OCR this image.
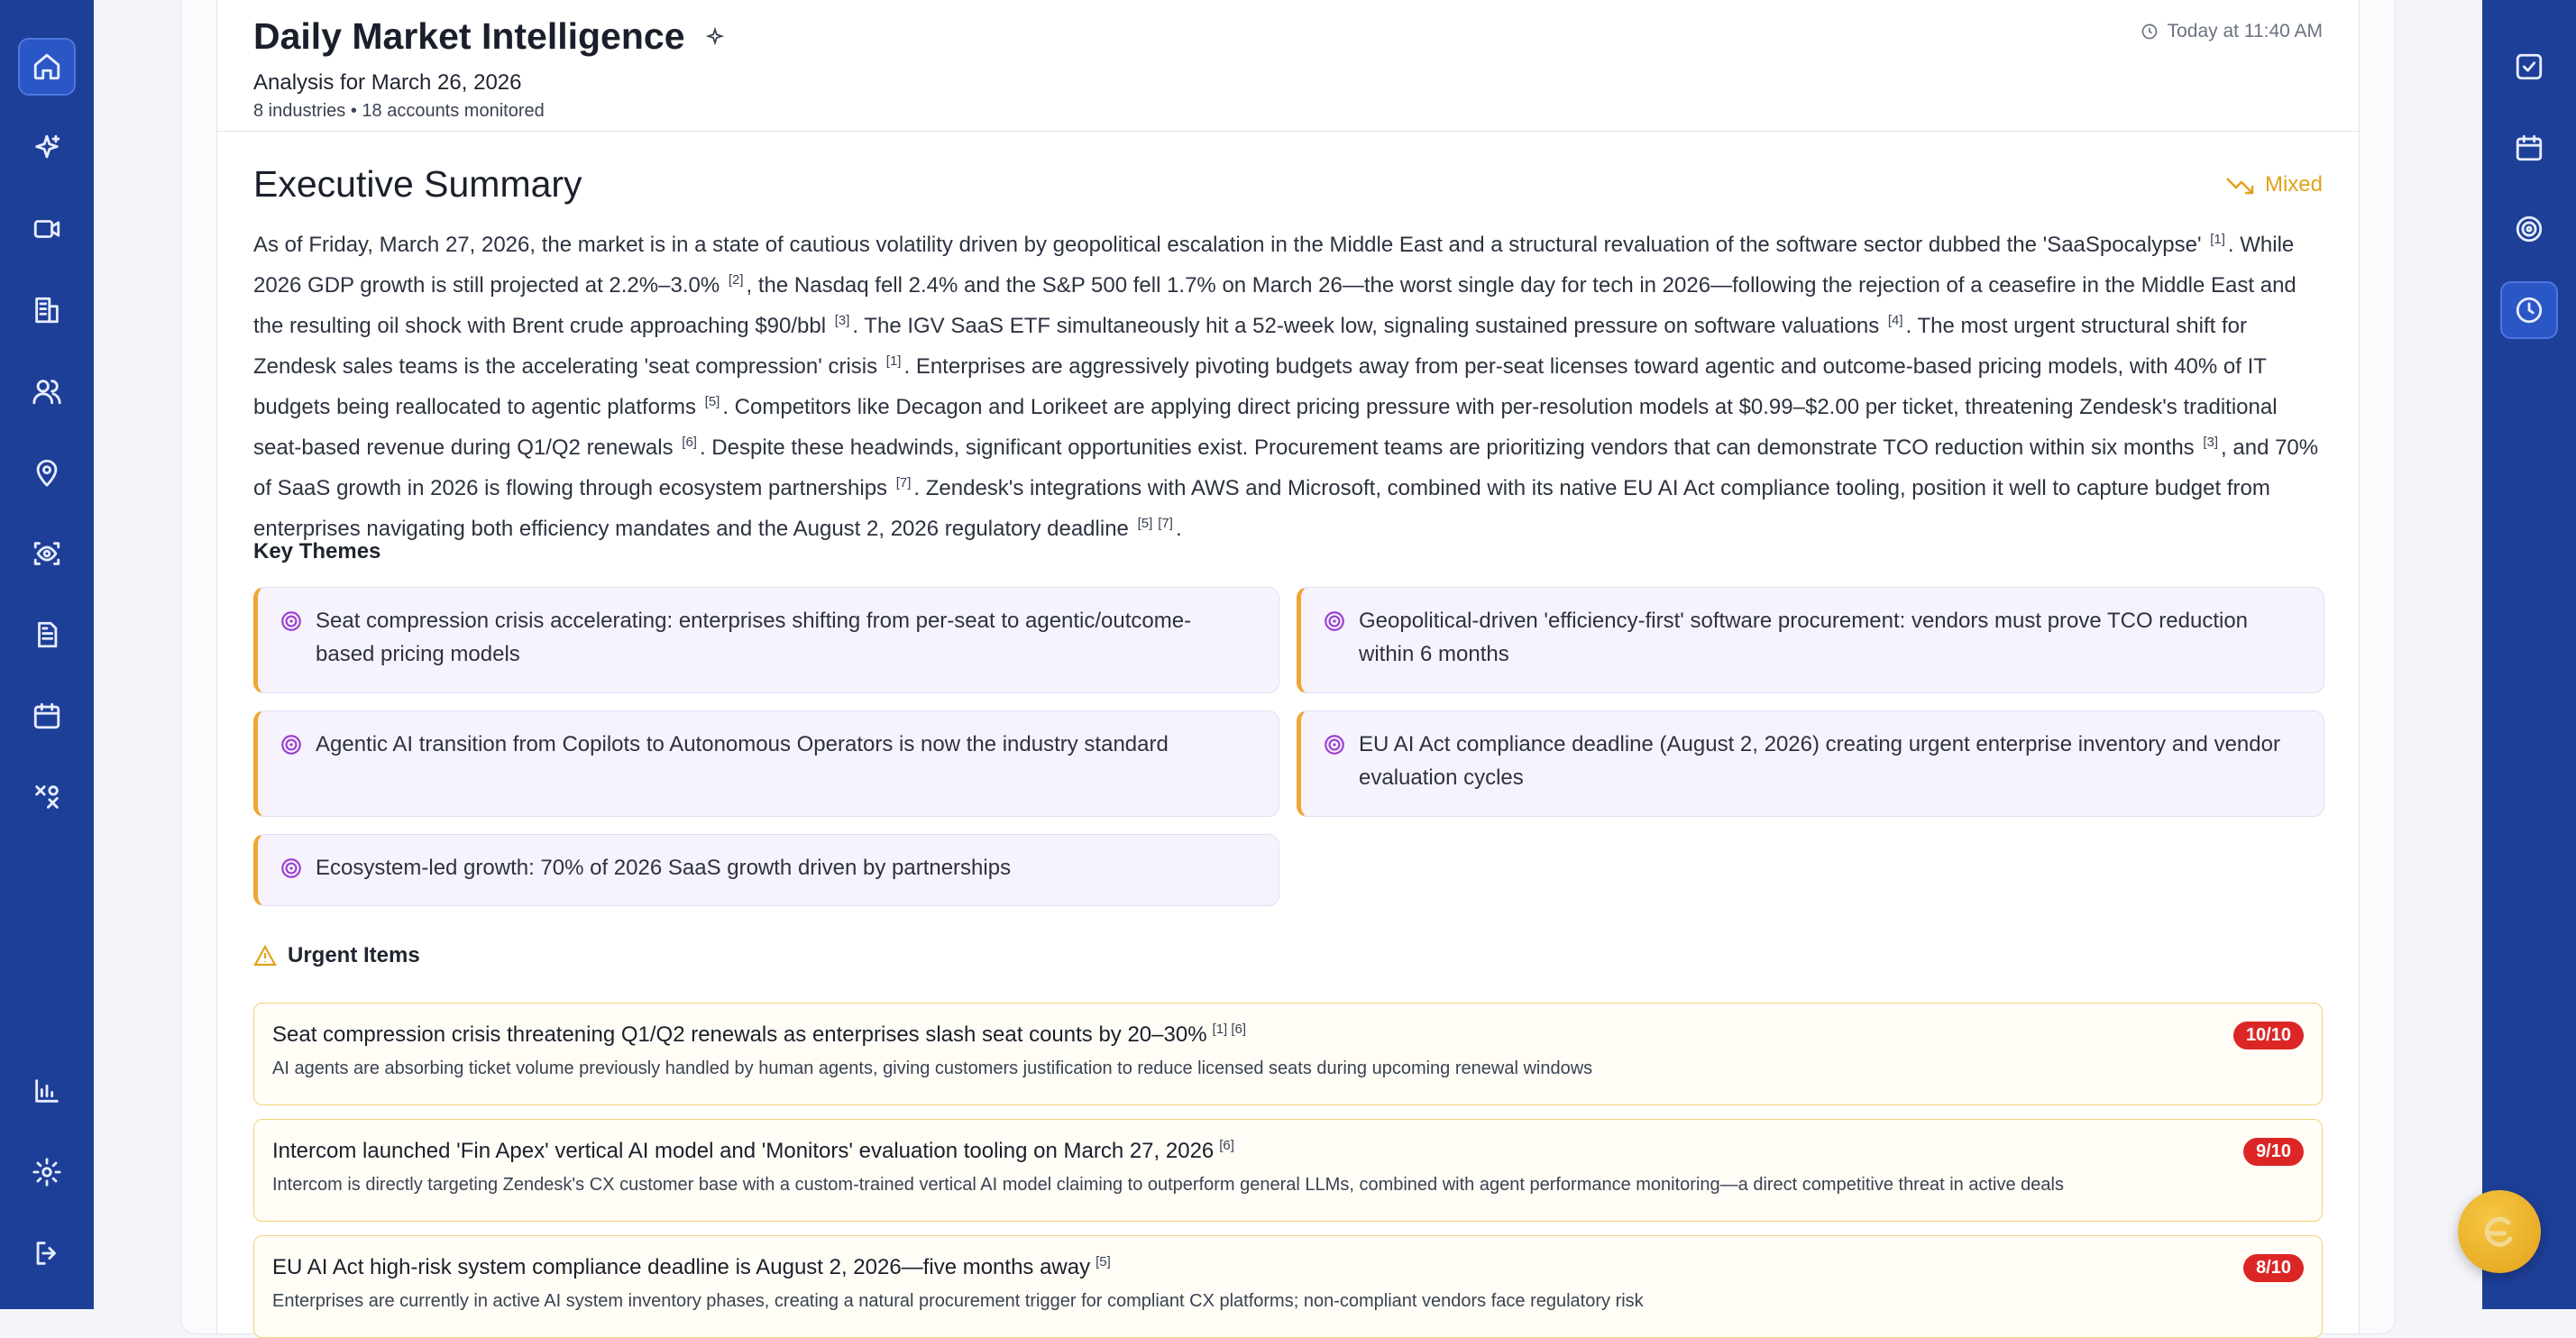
Daily Market Intelligence
Analysis for March 26, 2026
8 industries • 18 accounts monitored
Today at 11:40 AM
Executive Summary	Mixed
As of Friday, March 27, 2026, the market is in a state of cautious volatility driven by geopolitical escalation in the Middle East and a structural revaluation of the software sector dubbed the 'SaaSpocalypse' [1] . While 2026 GDP growth is still projected at 2.2%–3.0% [2] , the Nasdaq fell 2.4% and the S&P 500 fell 1.7% on March 26—the worst single day for tech in 2026—following the rejection of a ceasefire in the Middle East and the resulting oil shock with Brent crude approaching $90/bbl [3] . The IGV SaaS ETF simultaneously hit a 52-week low, signaling sustained pressure on software valuations [4] . The most urgent structural shift for Zendesk sales teams is the accelerating 'seat compression' crisis [1] . Enterprises are aggressively pivoting budgets away from per-seat licenses toward agentic and outcome-based pricing models, with 40% of IT budgets being reallocated to agentic platforms [5] . Competitors like Decagon and Lorikeet are applying direct pricing pressure with per-resolution models at $0.99–$2.00 per ticket, threatening Zendesk's traditional seat-based revenue during Q1/Q2 renewals [6] . Despite these headwinds, significant opportunities exist. Procurement teams are prioritizing vendors that can demonstrate TCO reduction within six months [3] , and 70% of SaaS growth in 2026 is flowing through ecosystem partnerships [7] . Zendesk's integrations with AWS and Microsoft, combined with its native EU AI Act compliance tooling, position it well to capture budget from enterprises navigating both efficiency mandates and the August 2, 2026 regulatory deadline [5] [7] .
Key Themes
Seat compression crisis accelerating: enterprises shifting from per-seat to agentic/outcome-based pricing models
Geopolitical-driven 'efficiency-first' software procurement: vendors must prove TCO reduction within 6 months
Agentic AI transition from Copilots to Autonomous Operators is now the industry standard	EU AI Act compliance deadline (August 2, 2026) creating urgent enterprise inventory and vendor evaluation cycles
Ecosystem-led growth: 70% of 2026 SaaS growth driven by partnerships
Urgent Items
Seat compression crisis threatening Q1/Q2 renewals as enterprises slash seat counts by 20–30% [1] [6]
AI agents are absorbing ticket volume previously handled by human agents, giving customers justification to reduce licensed seats during upcoming renewal windows
10/10
Intercom launched 'Fin Apex' vertical AI model and 'Monitors' evaluation tooling on March 27, 2026 [6]
Intercom is directly targeting Zendesk's CX customer base with a custom-trained vertical AI model claiming to outperform general LLMs, combined with agent performance monitoring—a direct competitive threat in active deals
9/10
EU AI Act high-risk system compliance deadline is August 2, 2026—five months away [5]
Enterprises are currently in active AI system inventory phases, creating a natural procurement trigger for compliant CX platforms; non-compliant vendors face regulatory risk
8/10
